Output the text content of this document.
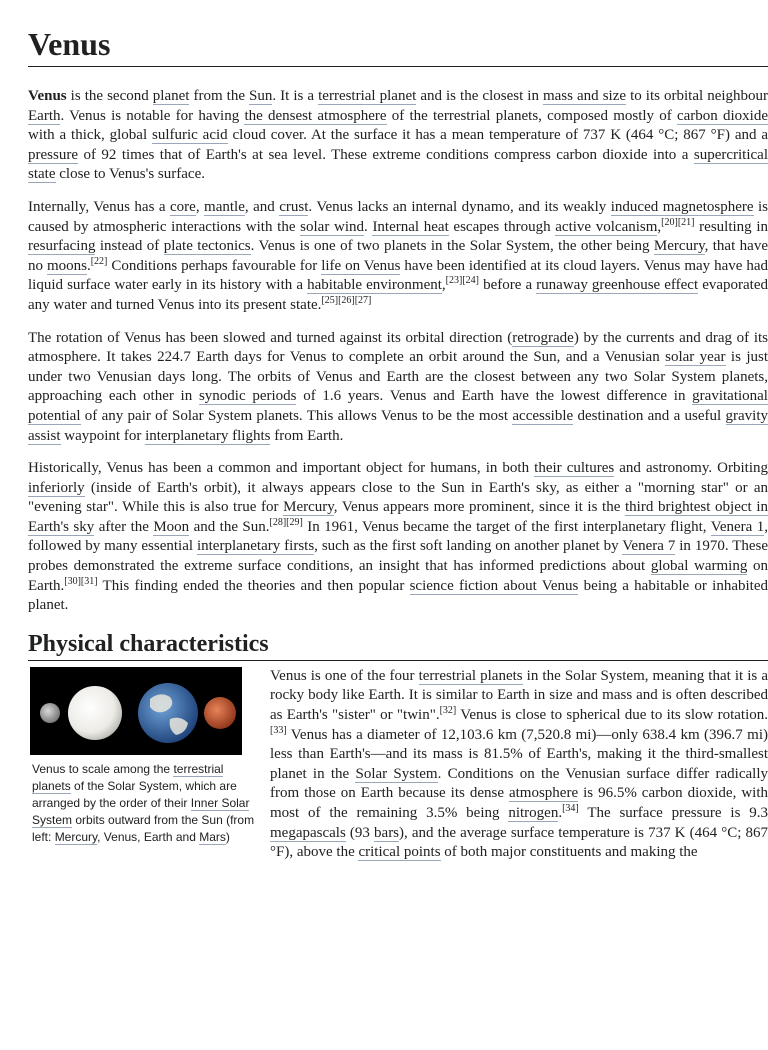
Venus

Venus is the second planet from the Sun. It is a terrestrial planet and is the closest in mass and size to its orbital neighbour Earth. Venus is notable for having the densest atmosphere of the terrestrial planets, composed mostly of carbon dioxide with a thick, global sulfuric acid cloud cover. At the surface it has a mean temperature of 737 K (464 °C; 867 °F) and a pressure of 92 times that of Earth's at sea level. These extreme conditions compress carbon dioxide into a supercritical state close to Venus's surface.

Internally, Venus has a core, mantle, and crust. Venus lacks an internal dynamo, and its weakly induced magnetosphere is caused by atmospheric interactions with the solar wind. Internal heat escapes through active volcanism,[20][21] resulting in resurfacing instead of plate tectonics. Venus is one of two planets in the Solar System, the other being Mercury, that have no moons.[22] Conditions perhaps favourable for life on Venus have been identified at its cloud layers. Venus may have had liquid surface water early in its history with a habitable environment,[23][24] before a runaway greenhouse effect evaporated any water and turned Venus into its present state.[25][26][27]

The rotation of Venus has been slowed and turned against its orbital direction (retrograde) by the currents and drag of its atmosphere. It takes 224.7 Earth days for Venus to complete an orbit around the Sun, and a Venusian solar year is just under two Venusian days long. The orbits of Venus and Earth are the closest between any two Solar System planets, approaching each other in synodic periods of 1.6 years. Venus and Earth have the lowest difference in gravitational potential of any pair of Solar System planets. This allows Venus to be the most accessible destination and a useful gravity assist waypoint for interplanetary flights from Earth.

Historically, Venus has been a common and important object for humans, in both their cultures and astronomy. Orbiting inferiorly (inside of Earth's orbit), it always appears close to the Sun in Earth's sky, as either a "morning star" or an "evening star". While this is also true for Mercury, Venus appears more prominent, since it is the third brightest object in Earth's sky after the Moon and the Sun.[28][29] In 1961, Venus became the target of the first interplanetary flight, Venera 1, followed by many essential interplanetary firsts, such as the first soft landing on another planet by Venera 7 in 1970. These probes demonstrated the extreme surface conditions, an insight that has informed predictions about global warming on Earth.[30][31] This finding ended the theories and then popular science fiction about Venus being a habitable or inhabited planet.

Physical characteristics
Venus to scale among the terrestrial planets of the Solar System, which are arranged by the order of their Inner Solar System orbits outward from the Sun (from left: Mercury, Venus, Earth and Mars)

Venus is one of the four terrestrial planets in the Solar System, meaning that it is a rocky body like Earth. It is similar to Earth in size and mass and is often described as Earth's "sister" or "twin".[32] Venus is close to spherical due to its slow rotation.[33] Venus has a diameter of 12,103.6 km (7,520.8 mi)—only 638.4 km (396.7 mi) less than Earth's—and its mass is 81.5% of Earth's, making it the third-smallest planet in the Solar System. Conditions on the Venusian surface differ radically from those on Earth because its dense atmosphere is 96.5% carbon dioxide, with most of the remaining 3.5% being nitrogen.[34] The surface pressure is 9.3 megapascals (93 bars), and the average surface temperature is 737 K (464 °C; 867 °F), above the critical points of both major constituents and making the
